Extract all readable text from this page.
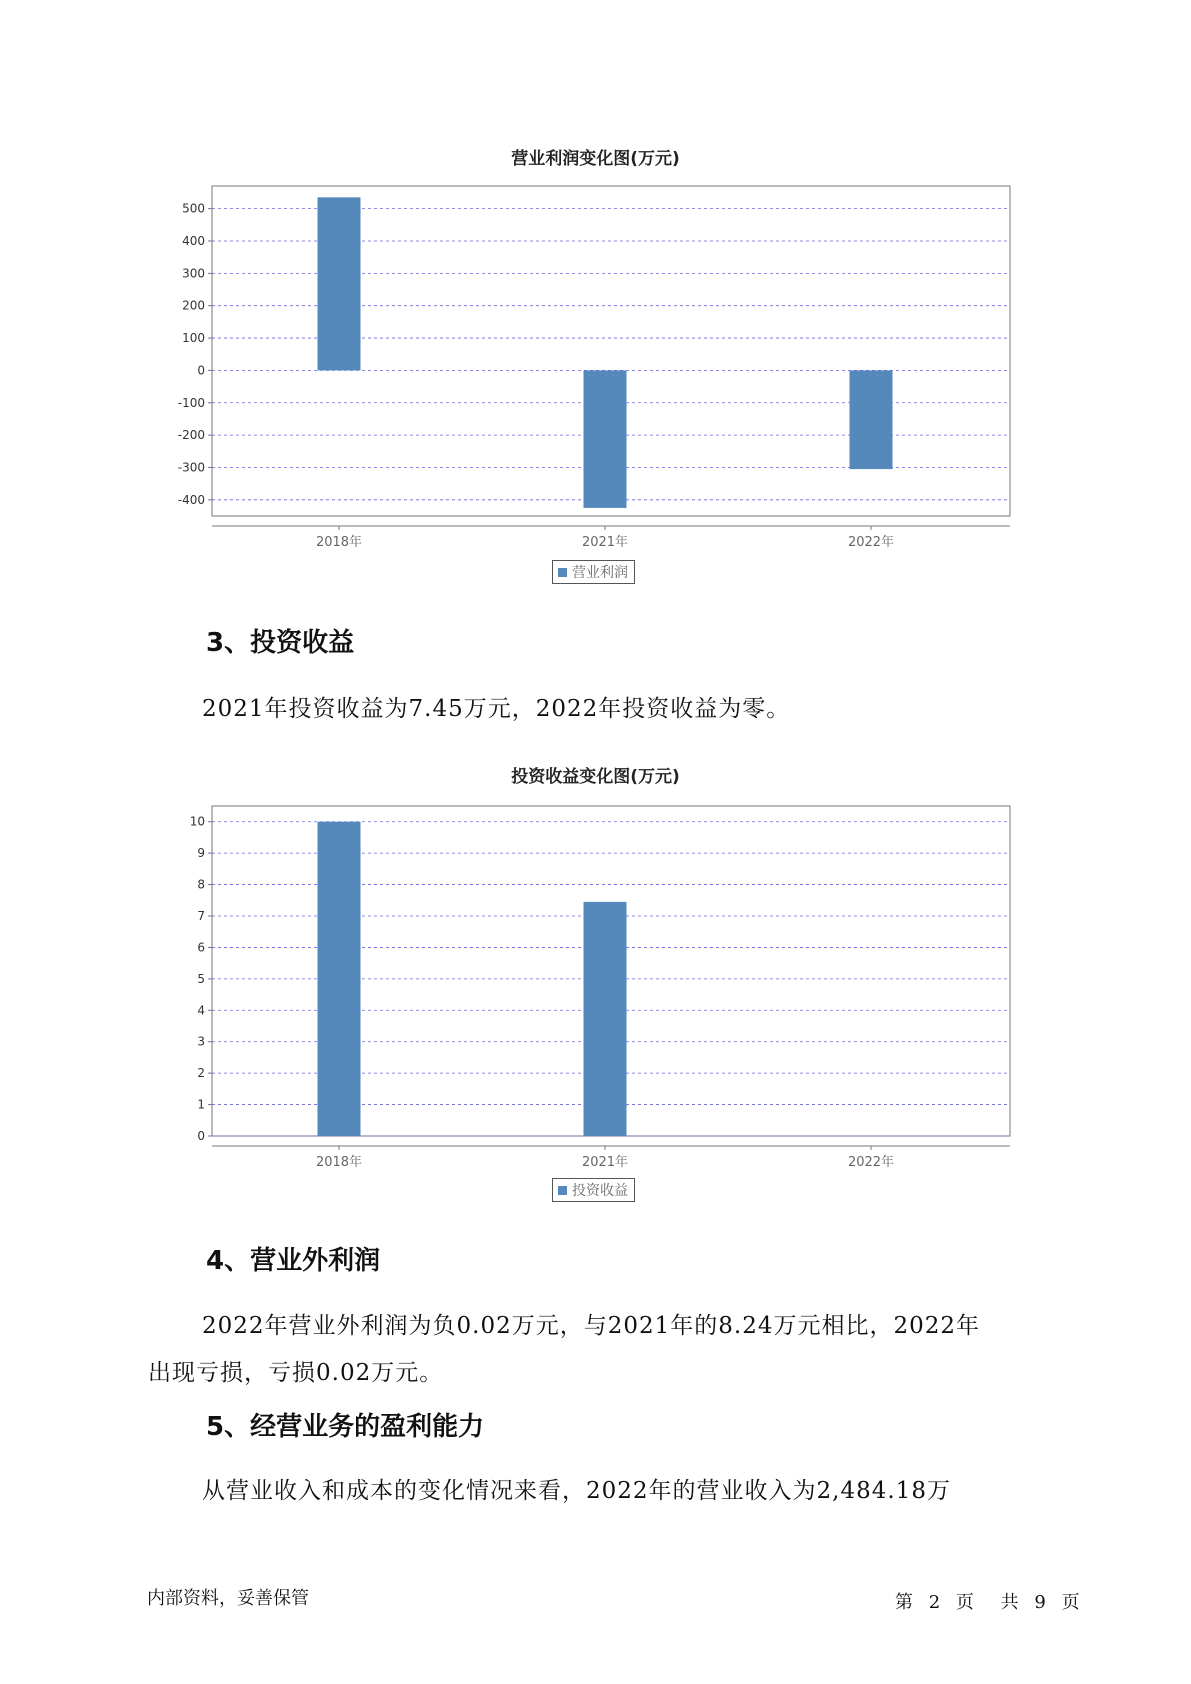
营业利润变化图(万元)
500
400
300
200
100
0
-100
-200
-300
-400
2018年	2021年	2022年
营业利润
3、投资收益

2021年投资收益为7.45万元，2022年投资收益为零。

投资收益变化图(万元)
10
9
8
7
6
5
4
3
2
1
0
2018年	2021年	2022年
投资收益
4、营业外利润

2022年营业外利润为负0.02万元，与2021年的8.24万元相比，2022年

出现亏损，亏损0.02万元。

5、经营业务的盈利能力

从营业收入和成本的变化情况来看，2022年的营业收入为2,484.18万

内部资料，妥善保管	第 2 页 共 9 页
